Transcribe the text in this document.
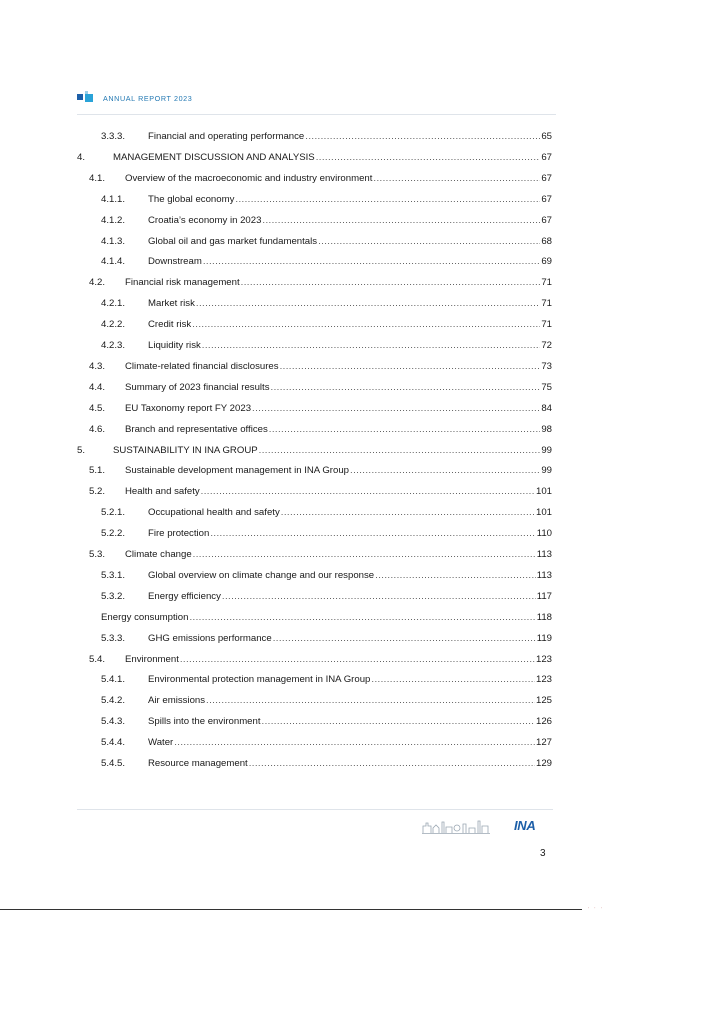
ANNUAL REPORT 2023
3.3.3. Financial and operating performance .....	65
4.	MANAGEMENT DISCUSSION AND ANALYSIS .....	67
4.1. Overview of the macroeconomic and industry environment .....	67
4.1.1. The global economy .....	67
4.1.2. Croatia’s economy in 2023 .....	67
4.1.3. Global oil and gas market fundamentals .....	68
4.1.4. Downstream .....	69
4.2. Financial risk management .....	71
4.2.1. Market risk .....	71
4.2.2. Credit risk .....	71
4.2.3. Liquidity risk .....	72
4.3. Climate-related financial disclosures .....	73
4.4. Summary of 2023 financial results .....	75
4.5. EU Taxonomy report FY 2023 .....	84
4.6. Branch and representative offices .....	98
5.	SUSTAINABILITY IN INA GROUP .....	99
5.1. Sustainable development management in INA Group .....	99
5.2. Health and safety .....	101
5.2.1. Occupational health and safety .....	101
5.2.2. Fire protection .....	110
5.3. Climate change .....	113
5.3.1. Global overview on climate change and our response .....	113
5.3.2. Energy efficiency .....	117
Energy consumption .....	118
5.3.3. GHG emissions performance .....	119
5.4. Environment .....	123
5.4.1. Environmental protection management in INA Group .....	123
5.4.2. Air emissions .....	125
5.4.3. Spills into the environment .....	126
5.4.4. Water .....	127
5.4.5. Resource management .....	129
INA
3
' ' '
